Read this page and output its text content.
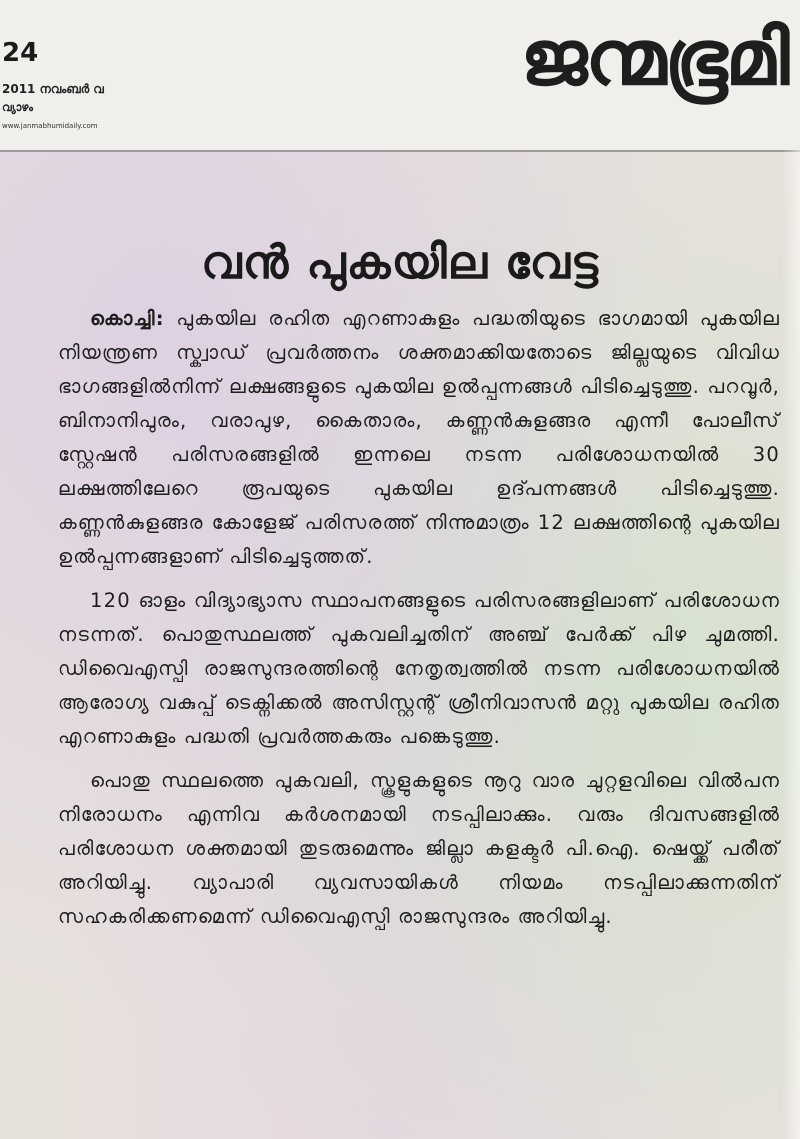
24
2011 നവംബർ വ
വ്യാഴം
www.janmabhumidaily.com
ജന്മഭൂമി
വൻ പുകയില വേട്ട

കൊച്ചി: പുകയില രഹിത എറണാകുളം പദ്ധതിയുടെ ഭാഗമായി പുകയില നിയന്ത്രണ സ്ക്വാഡ് പ്രവർത്തനം ശക്തമാക്കിയതോടെ ജില്ലയുടെ വിവിധ ഭാഗങ്ങളിൽനിന്ന് ലക്ഷങ്ങളുടെ പുകയില ഉൽപ്പന്നങ്ങൾ പിടിച്ചെടുത്തു. പറവൂർ, ബിനാനിപുരം, വരാപുഴ, കൈതാരം, കണ്ണൻകുളങ്ങര എന്നീ പോലീസ് സ്റ്റേഷൻ പരിസരങ്ങളിൽ ഇന്നലെ നടന്ന പരിശോധനയിൽ 30 ലക്ഷത്തിലേറെ രൂപയുടെ പുകയില ഉദ്പന്നങ്ങൾ പിടിച്ചെടുത്തു. കണ്ണൻകുളങ്ങര കോളേജ് പരിസരത്ത് നിന്നുമാത്രം 12 ലക്ഷത്തിന്റെ പുകയില ഉൽപ്പന്നങ്ങളാണ് പിടിച്ചെടുത്തത്.

120 ഓളം വിദ്യാഭ്യാസ സ്ഥാപനങ്ങളുടെ പരിസരങ്ങളിലാണ് പരിശോധന നടന്നത്. പൊതുസ്ഥലത്ത് പുകവലിച്ചതിന് അഞ്ച് പേർക്ക് പിഴ ചുമത്തി. ഡിവൈഎസ്പി രാജസുന്ദരത്തിന്റെ നേതൃത്വത്തിൽ നടന്ന പരിശോധനയിൽ ആരോഗ്യ വകുപ്പ് ടെക്നിക്കൽ അസിസ്റ്റന്റ് ശ്രീനിവാസൻ മറ്റു പുകയില രഹിത എറണാകുളം പദ്ധതി പ്രവർത്തകരും പങ്കെടുത്തു.

പൊതു സ്ഥലത്തെ പുകവലി, സ്കൂളുകളുടെ നൂറു വാര ചുറ്റളവിലെ വിൽപന നിരോധനം എന്നിവ കർശനമായി നടപ്പിലാക്കും. വരും ദിവസങ്ങളിൽ പരിശോധന ശക്തമായി തുടരുമെന്നും ജില്ലാ കളക്ടർ പി.ഐ. ഷെയ്ക്ക് പരീത് അറിയിച്ചു. വ്യാപാരി വ്യവസായികൾ നിയമം നടപ്പിലാക്കുന്നതിന് സഹകരിക്കണമെന്ന് ഡിവൈഎസ്പി രാജസുന്ദരം അറിയിച്ചു.
